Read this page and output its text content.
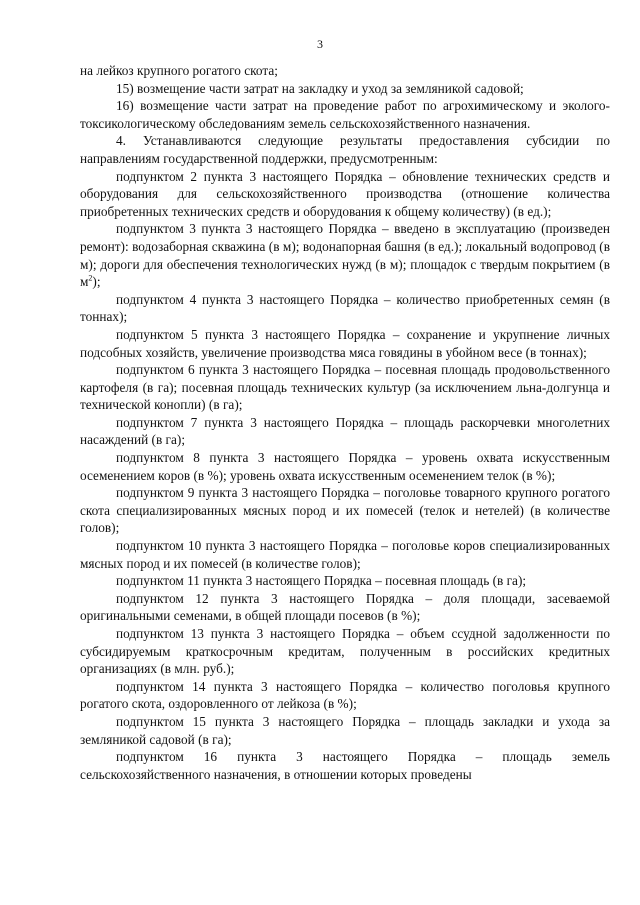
3

на лейкоз крупного рогатого скота;

15) возмещение части затрат на закладку и уход за земляникой садовой;

16) возмещение части затрат на проведение работ по агрохимическому и эколого-токсикологическому обследованиям земель сельскохозяйственного назначения.

4. Устанавливаются следующие результаты предоставления субсидии по направлениям государственной поддержки, предусмотренным:

подпунктом 2 пункта 3 настоящего Порядка – обновление технических средств и оборудования для сельскохозяйственного производства (отношение количества приобретенных технических средств и оборудования к общему количеству) (в ед.);

подпунктом 3 пункта 3 настоящего Порядка – введено в эксплуатацию (произведен ремонт): водозаборная скважина (в м); водонапорная башня (в ед.); локальный водопровод (в м); дороги для обеспечения технологических нужд (в м); площадок с твердым покрытием (в $м^2$);

подпунктом 4 пункта 3 настоящего Порядка – количество приобретенных семян (в тоннах);

подпунктом 5 пункта 3 настоящего Порядка – сохранение и укрупнение личных подсобных хозяйств, увеличение производства мяса говядины в убойном весе (в тоннах);

подпунктом 6 пункта 3 настоящего Порядка – посевная площадь продовольственного картофеля (в га); посевная площадь технических культур (за исключением льна-долгунца и технической конопли) (в га);

подпунктом 7 пункта 3 настоящего Порядка – площадь раскорчевки многолетних насаждений (в га);

подпунктом 8 пункта 3 настоящего Порядка – уровень охвата искусственным осеменением коров (в %); уровень охвата искусственным осеменением телок (в %);

подпунктом 9 пункта 3 настоящего Порядка – поголовье товарного крупного рогатого скота специализированных мясных пород и их помесей (телок и нетелей) (в количестве голов);

подпунктом 10 пункта 3 настоящего Порядка – поголовье коров специализированных мясных пород и их помесей (в количестве голов);

подпунктом 11 пункта 3 настоящего Порядка – посевная площадь (в га);

подпунктом 12 пункта 3 настоящего Порядка – доля площади, засеваемой оригинальными семенами, в общей площади посевов (в %);

подпунктом 13 пункта 3 настоящего Порядка – объем ссудной задолженности по субсидируемым краткосрочным кредитам, полученным в российских кредитных организациях (в млн. руб.);

подпунктом 14 пункта 3 настоящего Порядка – количество поголовья крупного рогатого скота, оздоровленного от лейкоза (в %);

подпунктом 15 пункта 3 настоящего Порядка – площадь закладки и ухода за земляникой садовой (в га);

подпунктом 16 пункта 3 настоящего Порядка – площадь земель сельскохозяйственного назначения, в отношении которых проведены
